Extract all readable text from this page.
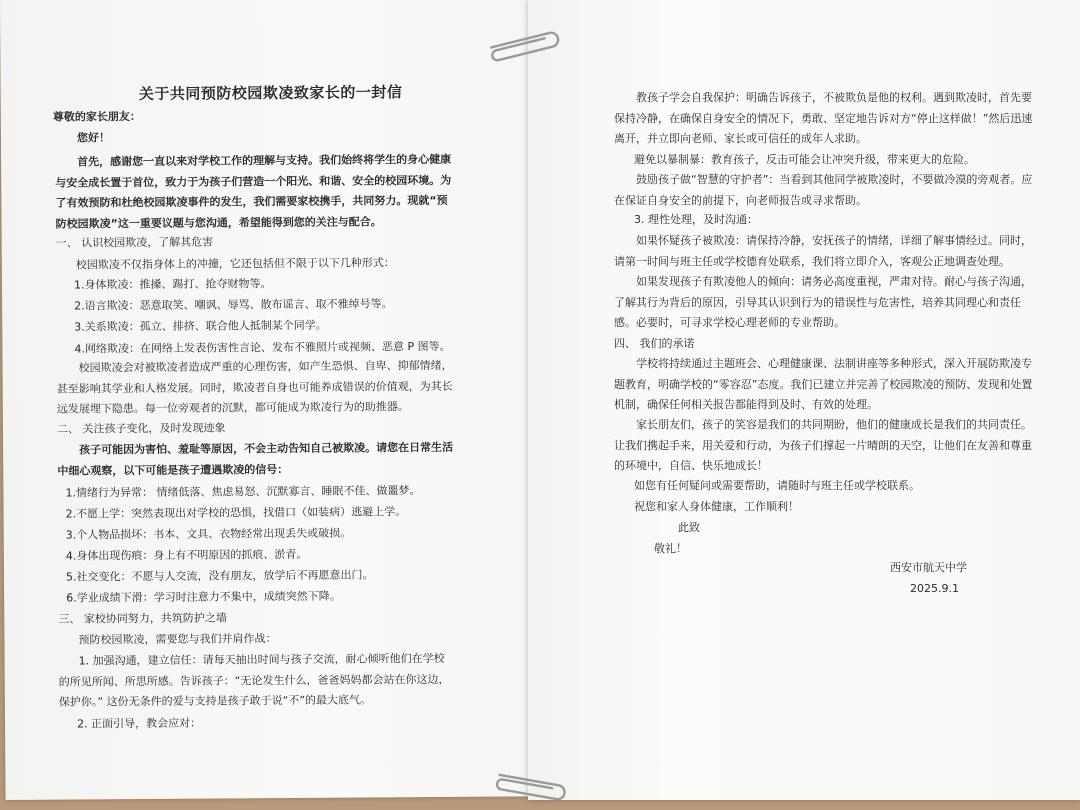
关于共同预防校园欺凌致家长的一封信
尊敬的家长朋友：
您好！
首先，感谢您一直以来对学校工作的理解与支持。我们始终将学生的身心健康与安全成长置于首位，致力于为孩子们营造一个阳光、和谐、安全的校园环境。为了有效预防和杜绝校园欺凌事件的发生，我们需要家校携手，共同努力。现就“预防校园欺凌”这一重要议题与您沟通，希望能得到您的关注与配合。
一、 认识校园欺凌，了解其危害
校园欺凌不仅指身体上的冲撞，它还包括但不限于以下几种形式：
1.身体欺凌：推搡、踢打、抢夺财物等。
2.语言欺凌：恶意取笑、嘲讽、辱骂、散布谣言、取不雅绰号等。
3.关系欺凌：孤立、排挤、联合他人抵制某个同学。
4.网络欺凌：在网络上发表伤害性言论、发布不雅照片或视频、恶意 P 图等。
校园欺凌会对被欺凌者造成严重的心理伤害，如产生恐惧、自卑、抑郁情绪，甚至影响其学业和人格发展。同时，欺凌者自身也可能养成错误的价值观，为其长远发展埋下隐患。每一位旁观者的沉默，都可能成为欺凌行为的助推器。
二、 关注孩子变化，及时发现迹象
孩子可能因为害怕、羞耻等原因，不会主动告知自己被欺凌。请您在日常生活中细心观察，以下可能是孩子遭遇欺凌的信号：
1.情绪行为异常： 情绪低落、焦虑易怒、沉默寡言、睡眠不佳、做噩梦。
2.不愿上学：突然表现出对学校的恐惧，找借口（如装病）逃避上学。
3.个人物品损坏：书本、文具、衣物经常出现丢失或破损。
4.身体出现伤痕：身上有不明原因的抓痕、淤青。
5.社交变化：不愿与人交流，没有朋友，放学后不再愿意出门。
6.学业成绩下滑：学习时注意力不集中，成绩突然下降。
三、 家校协同努力，共筑防护之墙
预防校园欺凌，需要您与我们并肩作战：
1. 加强沟通，建立信任：请每天抽出时间与孩子交流，耐心倾听他们在学校的所见所闻、所思所感。告诉孩子：“无论发生什么，爸爸妈妈都会站在你这边，保护你。” 这份无条件的爱与支持是孩子敢于说“不”的最大底气。
2. 正面引导，教会应对：
教孩子学会自我保护：明确告诉孩子，不被欺负是他的权利。遇到欺凌时，首先要保持冷静，在确保自身安全的情况下，勇敢、坚定地告诉对方“停止这样做！”然后迅速离开，并立即向老师、家长或可信任的成年人求助。
避免以暴制暴：教育孩子，反击可能会让冲突升级，带来更大的危险。
鼓励孩子做“智慧的守护者”：当看到其他同学被欺凌时，不要做冷漠的旁观者。应在保证自身安全的前提下，向老师报告或寻求帮助。
3. 理性处理，及时沟通：
如果怀疑孩子被欺凌：请保持冷静，安抚孩子的情绪，详细了解事情经过。同时，请第一时间与班主任或学校德育处联系，我们将立即介入，客观公正地调查处理。
如果发现孩子有欺凌他人的倾向：请务必高度重视，严肃对待。耐心与孩子沟通，了解其行为背后的原因，引导其认识到行为的错误性与危害性，培养其同理心和责任感。必要时，可寻求学校心理老师的专业帮助。
四、 我们的承诺
学校将持续通过主题班会、心理健康课、法制讲座等多种形式，深入开展防欺凌专题教育，明确学校的“零容忍”态度。我们已建立并完善了校园欺凌的预防、发现和处置机制，确保任何相关报告都能得到及时、有效的处理。
家长朋友们，孩子的笑容是我们的共同期盼，他们的健康成长是我们的共同责任。让我们携起手来，用关爱和行动，为孩子们撑起一片晴朗的天空，让他们在友善和尊重的环境中，自信、快乐地成长！
如您有任何疑问或需要帮助，请随时与班主任或学校联系。
祝您和家人身体健康，工作顺利！
此致
敬礼！
西安市航天中学
2025.9.1
